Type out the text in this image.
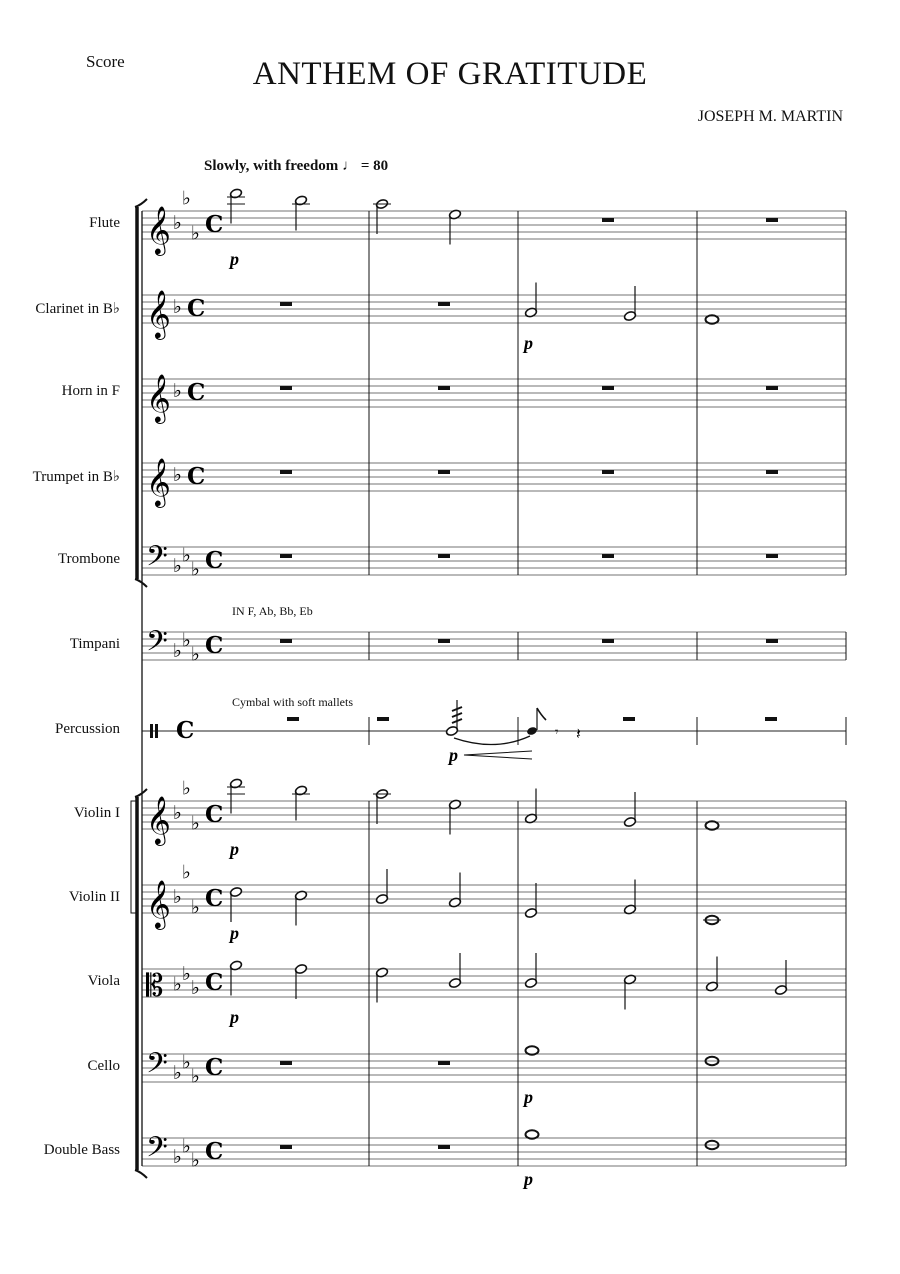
Score	ANTHEM OF GRATITUDE
JOSEPH M. MARTIN
Slowly, with freedom ♩ = 80
Flute
Clarinet in B♭
Horn in F
Trumpet in B♭
Trombone
Timpani
Percussion
Violin I
Violin II
Viola
Cello
Double Bass
IN F, Ab, Bb, Eb
Cymbal with soft mallets
𝄞 ♭
♭
♭ C
𝄞 ♭ C
𝄞 ♭ C
𝄞 ♭ C
𝄢 ♭ ♭
♭ C
𝄢 ♭ ♭
♭ C
C
𝄞 ♭
♭
♭ C
𝄞 ♭
♭
♭ C
𝄡 ♭ ♭
♭ C
𝄢 ♭ ♭
♭ C
𝄢 ♭ ♭
♭ C
𝄾 𝄽
p
p
p
p
p
p
p
p
